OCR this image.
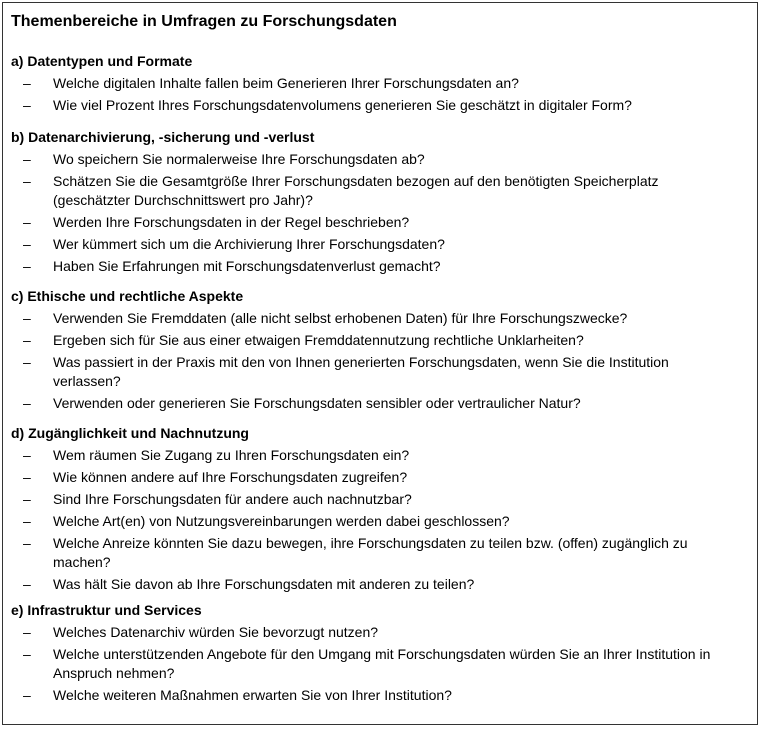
Themenbereiche in Umfragen zu Forschungsdaten
a) Datentypen und Formate
– Welche digitalen Inhalte fallen beim Generieren Ihrer Forschungsdaten an?
– Wie viel Prozent Ihres Forschungsdatenvolumens generieren Sie geschätzt in digitaler Form?
b) Datenarchivierung, -sicherung und -verlust
– Wo speichern Sie normalerweise Ihre Forschungsdaten ab?
– Schätzen Sie die Gesamtgröße Ihrer Forschungsdaten bezogen auf den benötigten Speicherplatz (geschätzter Durchschnittswert pro Jahr)?
– Werden Ihre Forschungsdaten in der Regel beschrieben?
– Wer kümmert sich um die Archivierung Ihrer Forschungsdaten?
– Haben Sie Erfahrungen mit Forschungsdatenverlust gemacht?
c) Ethische und rechtliche Aspekte
– Verwenden Sie Fremddaten (alle nicht selbst erhobenen Daten) für Ihre Forschungszwecke?
– Ergeben sich für Sie aus einer etwaigen Fremddatennutzung rechtliche Unklarheiten?
– Was passiert in der Praxis mit den von Ihnen generierten Forschungsdaten, wenn Sie die Institution verlassen?
– Verwenden oder generieren Sie Forschungsdaten sensibler oder vertraulicher Natur?
d) Zugänglichkeit und Nachnutzung
– Wem räumen Sie Zugang zu Ihren Forschungsdaten ein?
– Wie können andere auf Ihre Forschungsdaten zugreifen?
– Sind Ihre Forschungsdaten für andere auch nachnutzbar?
– Welche Art(en) von Nutzungsvereinbarungen werden dabei geschlossen?
– Welche Anreize könnten Sie dazu bewegen, ihre Forschungsdaten zu teilen bzw. (offen) zugänglich zu machen?
– Was hält Sie davon ab Ihre Forschungsdaten mit anderen zu teilen?
e) Infrastruktur und Services
– Welches Datenarchiv würden Sie bevorzugt nutzen?
– Welche unterstützenden Angebote für den Umgang mit Forschungsdaten würden Sie an Ihrer Institution in Anspruch nehmen?
– Welche weiteren Maßnahmen erwarten Sie von Ihrer Institution?
